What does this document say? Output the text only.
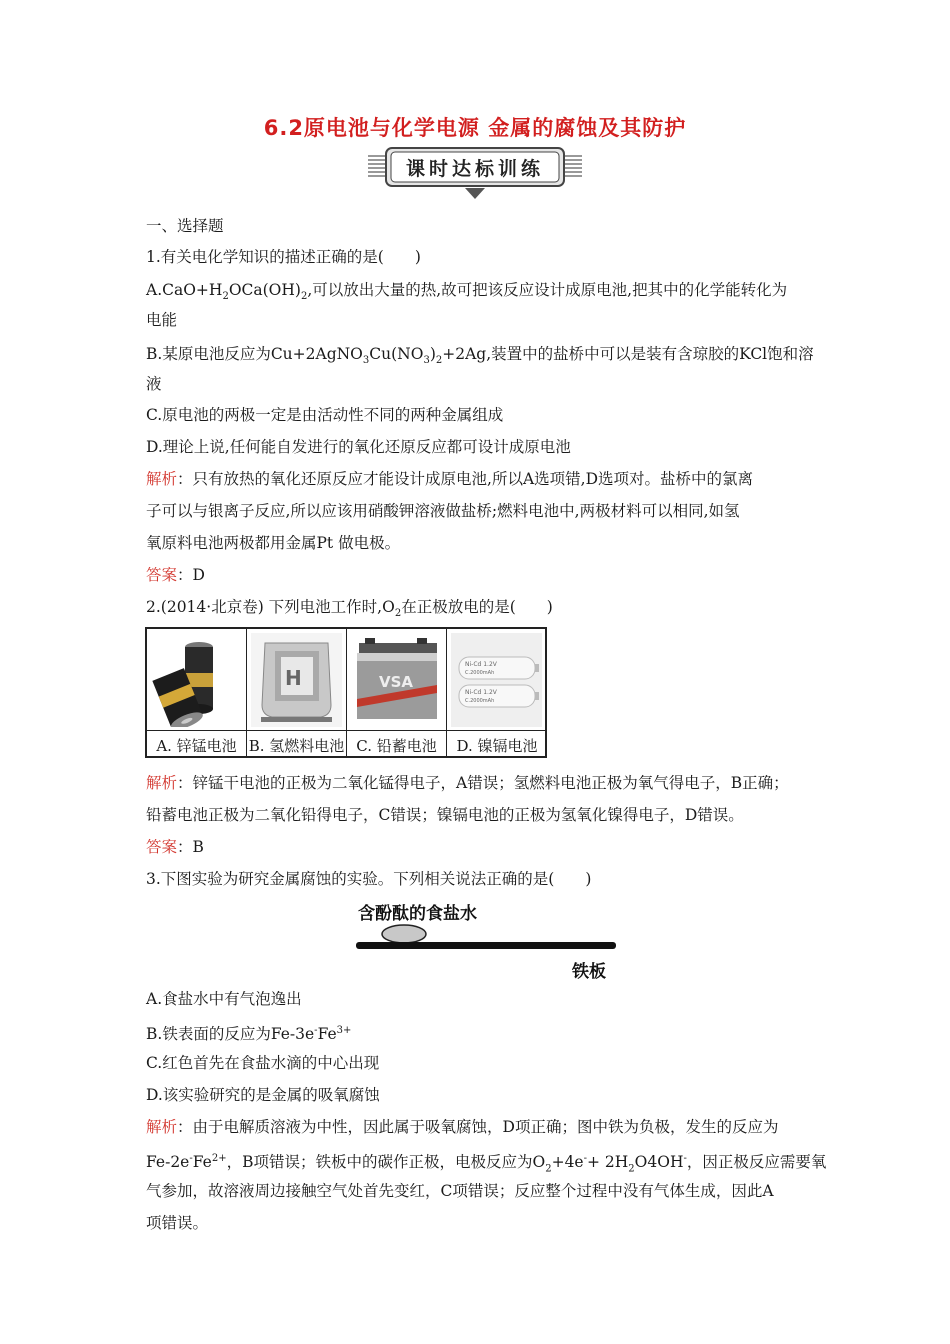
6.2原电池与化学电源 金属的腐蚀及其防护
课时达标训练
一、选择题
1.有关电化学知识的描述正确的是(　　)
$A.CaO+H_2OCa(OH)_2$,可以放出大量的热,故可把该反应设计成原电池,把其中的化学能转化为
电能
B.某原电池反应为$Cu+2AgNO_3Cu(NO_3)_2+2Ag$,装置中的盐桥中可以是装有含琼胶的KCl饱和溶
液
C.原电池的两极一定是由活动性不同的两种金属组成
D.理论上说,任何能自发进行的氧化还原反应都可设计成原电池
解析：只有放热的氧化还原反应才能设计成原电池,所以A选项错,D选项对。盐桥中的氯离
子可以与银离子反应,所以应该用硝酸钾溶液做盐桥;燃料电池中,两极材料可以相同,如氢
氧原料电池两极都用金属Pt 做电极。
答案：D
2.(2014·北京卷) 下列电池工作时$,O_2$在正极放电的是(　　)
A. 锌锰电池
H
B. 氢燃料电池
VSA
C. 铅蓄电池
Ni-Cd 1.2V
C.2000mAh
Ni-Cd 1.2V
C.2000mAh
D. 镍镉电池
解析：锌锰干电池的正极为二氧化锰得电子，A错误；氢燃料电池正极为氧气得电子，B正确；
铅蓄电池正极为二氧化铅得电子，C错误；镍镉电池的正极为氢氧化镍得电子，D错误。
答案：B
3.下图实验为研究金属腐蚀的实验。下列相关说法正确的是(　　)
含酚酞的食盐水
铁板
A.食盐水中有气泡逸出
B.铁表面的反应为$Fe-3e^-Fe^{3+}$
C.红色首先在食盐水滴的中心出现
D.该实验研究的是金属的吸氧腐蚀
解析：由于电解质溶液为中性，因此属于吸氧腐蚀，D项正确；图中铁为负极，发生的反应为
$Fe-2e^-Fe^{2+}$，B项错误；铁板中的碳作正极，电极反应为$O_2+4e^-+ 2H_2O4OH^-$，因正极反应需要氧
气参加，故溶液周边接触空气处首先变红，C项错误；反应整个过程中没有气体生成，因此A
项错误。
